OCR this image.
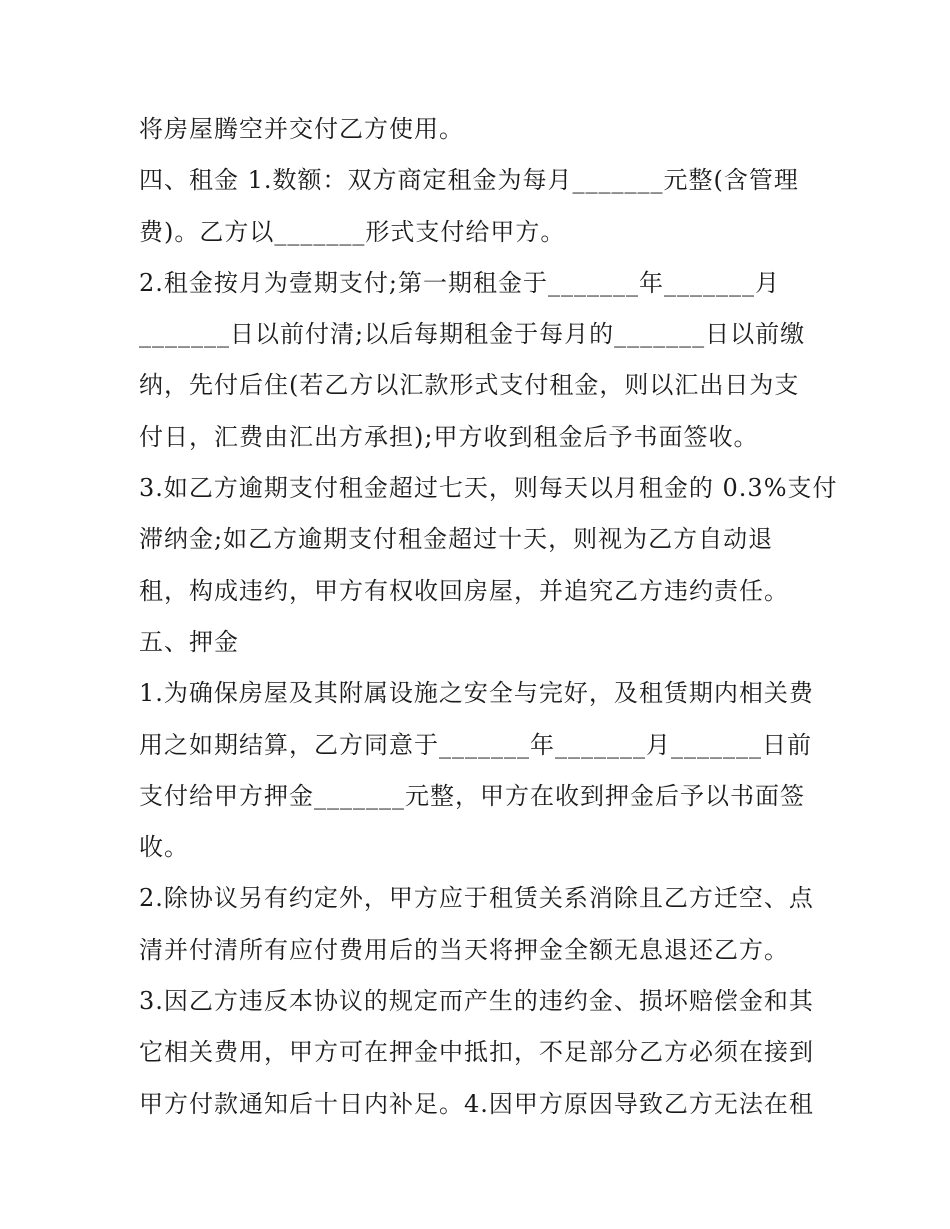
将房屋腾空并交付乙方使用。
四、租金 1.数额：双方商定租金为每月_______元整(含管理
费)。乙方以_______形式支付给甲方。
2.租金按月为壹期支付;第一期租金于_______年_______月
_______日以前付清;以后每期租金于每月的_______日以前缴
纳，先付后住(若乙方以汇款形式支付租金，则以汇出日为支
付日，汇费由汇出方承担);甲方收到租金后予书面签收。
3.如乙方逾期支付租金超过七天，则每天以月租金的 0.3%支付
滞纳金;如乙方逾期支付租金超过十天，则视为乙方自动退
租，构成违约，甲方有权收回房屋，并追究乙方违约责任。
五、押金
1.为确保房屋及其附属设施之安全与完好，及租赁期内相关费
用之如期结算，乙方同意于_______年_______月_______日前
支付给甲方押金_______元整，甲方在收到押金后予以书面签
收。
2.除协议另有约定外，甲方应于租赁关系消除且乙方迁空、点
清并付清所有应付费用后的当天将押金全额无息退还乙方。
3.因乙方违反本协议的规定而产生的违约金、损坏赔偿金和其
它相关费用，甲方可在押金中抵扣，不足部分乙方必须在接到
甲方付款通知后十日内补足。4.因甲方原因导致乙方无法在租
